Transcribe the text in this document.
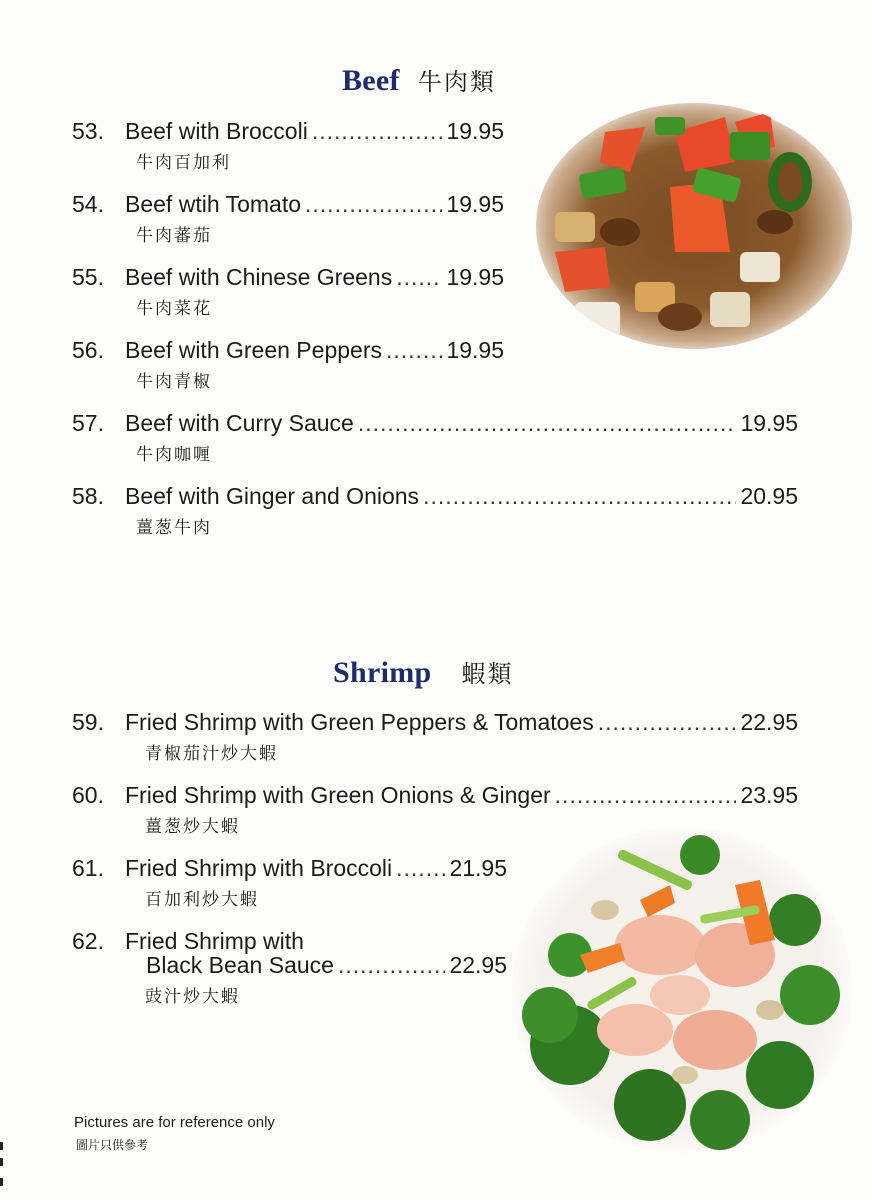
Beef 牛肉類
53. Beef with Broccoli .....	19.95
牛肉百加利
54. Beef wtih Tomato .....	19.95
牛肉蕃茄
55. Beef with Chinese Greens ..... 19.95
牛肉菜花
56. Beef with Green Peppers .....	19.95
牛肉青椒
57. Beef with Curry Sauce .....	19.95
牛肉咖喱
58. Beef with Ginger and Onions .....	20.95
薑葱牛肉
Shrimp 蝦類
59. Fried Shrimp with Green Peppers & Tomatoes .....	22.95
青椒茄汁炒大蝦
60. Fried Shrimp with Green Onions & Ginger .....	23.95
薑葱炒大蝦
61. Fried Shrimp with Broccoli ..... 21.95
百加利炒大蝦
62. Fried Shrimp with
Black Bean Sauce .....	22.95
豉汁炒大蝦
Pictures are for reference only
圖片只供參考
